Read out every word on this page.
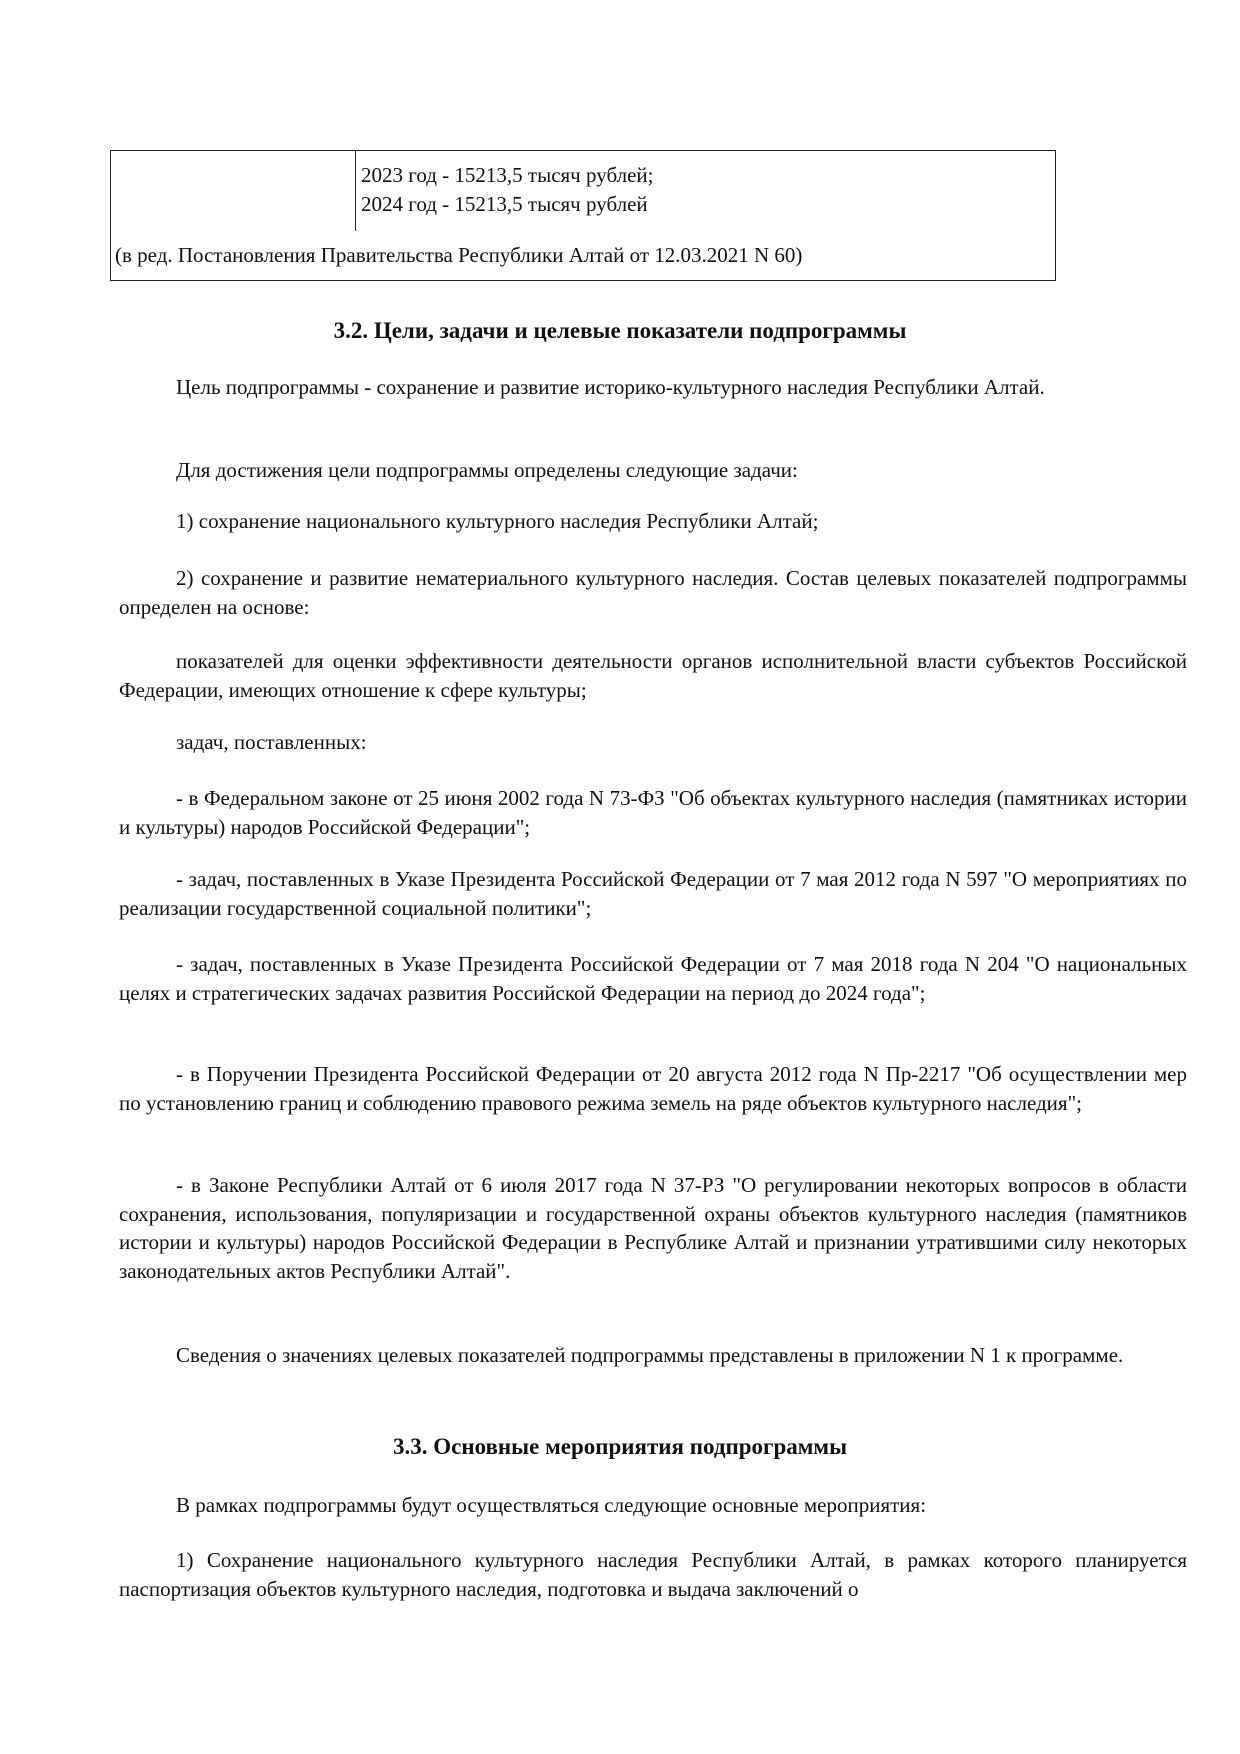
2023 год - 15213,5 тысяч рублей;
2024 год - 15213,5 тысяч рублей
(в ред. Постановления Правительства Республики Алтай от 12.03.2021 N 60)
3.2. Цели, задачи и целевые показатели подпрограммы

Цель подпрограммы - сохранение и развитие историко-культурного наследия Республики Алтай.

Для достижения цели подпрограммы определены следующие задачи:

1) сохранение национального культурного наследия Республики Алтай;

2) сохранение и развитие нематериального культурного наследия. Состав целевых показателей подпрограммы определен на основе:

показателей для оценки эффективности деятельности органов исполнительной власти субъектов Российской Федерации, имеющих отношение к сфере культуры;

задач, поставленных:

- в Федеральном законе от 25 июня 2002 года N 73-ФЗ "Об объектах культурного наследия (памятниках истории и культуры) народов Российской Федерации";

- задач, поставленных в Указе Президента Российской Федерации от 7 мая 2012 года N 597 "О мероприятиях по реализации государственной социальной политики";

- задач, поставленных в Указе Президента Российской Федерации от 7 мая 2018 года N 204 "О национальных целях и стратегических задачах развития Российской Федерации на период до 2024 года";

- в Поручении Президента Российской Федерации от 20 августа 2012 года N Пр-2217 "Об осуществлении мер по установлению границ и соблюдению правового режима земель на ряде объектов культурного наследия";

- в Законе Республики Алтай от 6 июля 2017 года N 37-РЗ "О регулировании некоторых вопросов в области сохранения, использования, популяризации и государственной охраны объектов культурного наследия (памятников истории и культуры) народов Российской Федерации в Республике Алтай и признании утратившими силу некоторых законодательных актов Республики Алтай".

Сведения о значениях целевых показателей подпрограммы представлены в приложении N 1 к программе.

3.3. Основные мероприятия подпрограммы

В рамках подпрограммы будут осуществляться следующие основные мероприятия:

1) Сохранение национального культурного наследия Республики Алтай, в рамках которого планируется паспортизация объектов культурного наследия, подготовка и выдача заключений о
